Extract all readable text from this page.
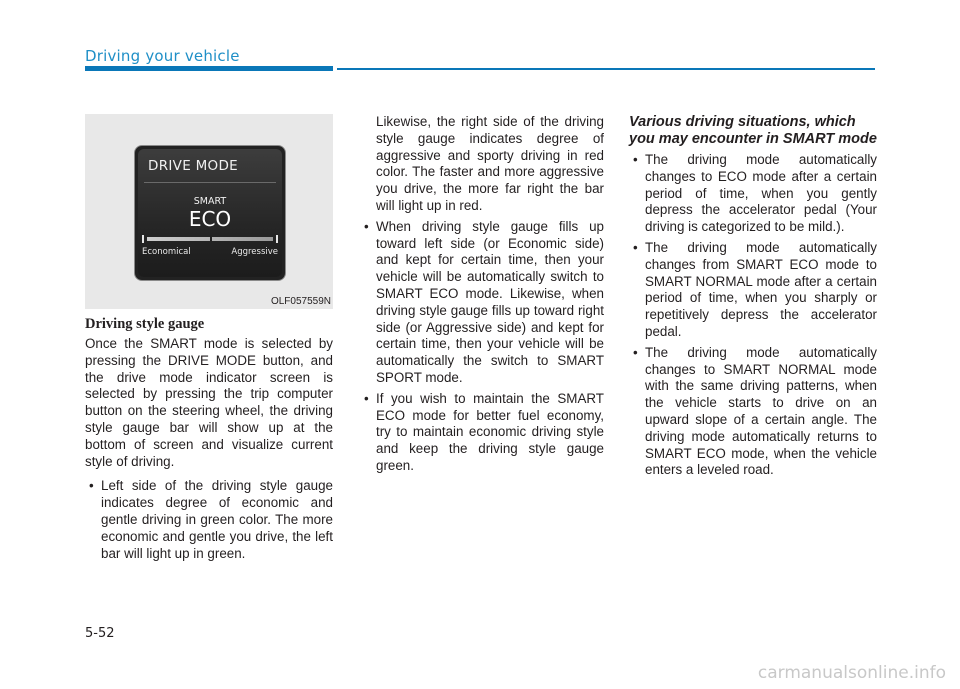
Driving your vehicle
DRIVE MODE
SMART
ECO
Economical	Aggressive
OLF057559N
Driving style gauge

Once the SMART mode is selected by pressing the DRIVE MODE button, and the drive mode indicator screen is selected by pressing the trip computer button on the steering wheel, the driving style gauge bar will show up at the bottom of screen and visualize current style of driving.

• Left side of the driving style gauge indicates degree of economic and gentle driving in green color. The more economic and gentle you drive, the left bar will light up in green.

Likewise, the right side of the driving style gauge indicates degree of aggressive and sporty driving in red color. The faster and more aggressive you drive, the more far right the bar will light up in red.

• When driving style gauge fills up toward left side (or Economic side) and kept for certain time, then your vehicle will be automatically switch to SMART ECO mode. Likewise, when driving style gauge fills up toward right side (or Aggressive side) and kept for certain time, then your vehicle will be automatically the switch to SMART SPORT mode.
• If you wish to maintain the SMART ECO mode for better fuel economy, try to maintain economic driving style and keep the driving style gauge green.

Various driving situations, which you may encounter in SMART mode

• The driving mode automatically changes to ECO mode after a certain period of time, when you gently depress the accelerator pedal (Your driving is categorized to be mild.).
• The driving mode automatically changes from SMART ECO mode to SMART NORMAL mode after a certain period of time, when you sharply or repetitively depress the accelerator pedal.
• The driving mode automatically changes to SMART NORMAL mode with the same driving patterns, when the vehicle starts to drive on an upward slope of a certain angle. The driving mode automatically returns to SMART ECO mode, when the vehicle enters a leveled road.
5-52
carmanualsonline.info
